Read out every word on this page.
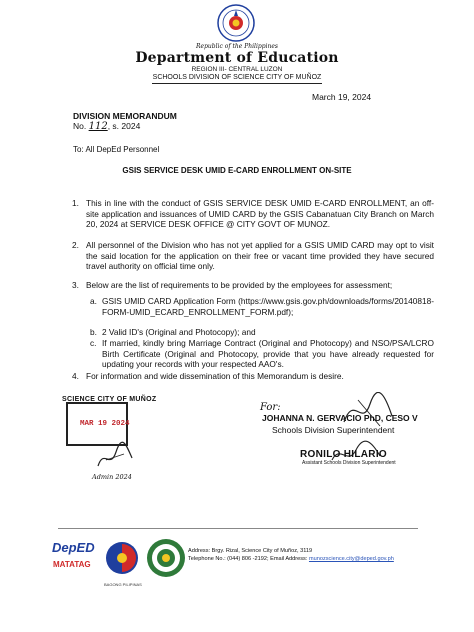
Republic of the Philippines
Department of Education
REGION III- CENTRAL LUZON
SCHOOLS DIVISION OF SCIENCE CITY OF MUÑOZ
March 19, 2024
DIVISION MEMORANDUM
No. 112, s. 2024
To: All DepEd Personnel
GSIS SERVICE DESK UMID E-CARD ENROLLMENT ON-SITE
1. This in line with the conduct of GSIS SERVICE DESK UMID E-CARD ENROLLMENT, an off-site application and issuances of UMID CARD by the GSIS Cabanatuan City Branch on March 20, 2024 at SERVICE DESK OFFICE @ CITY GOVT OF MUNOZ.
2. All personnel of the Division who has not yet applied for a GSIS UMID CARD may opt to visit the said location for the application on their free or vacant time provided they have secured travel authority on official time only.
3. Below are the list of requirements to be provided by the employees for assessment;
a. GSIS UMID CARD Application Form (https://www.gsis.gov.ph/downloads/forms/20140818-FORM-UMID_ECARD_ENROLLMENT_FORM.pdf);
b. 2 Valid ID's (Original and Photocopy); and
c. If married, kindly bring Marriage Contract (Original and Photocopy) and NSO/PSA/LCRO Birth Certificate (Original and Photocopy, provide that you have already requested for updating your records with your respected AAO's.
4. For information and wide dissemination of this Memorandum is desire.
SCIENCE CITY OF MUÑOZ
MAR 19 2024
Admin 2024
For:
JOHANNA N. GERVACIO PhD, CESO V
Schools Division Superintendent
RONILO HILARIO
Assistant Schools Division Superintendent
DepED
MATATAG
BAGONG PILIPINAS
Address: Brgy. Rizal, Science City of Muñoz, 3119
Telephone No.: (044) 806 -2192; Email Address: munozscience.city@deped.gov.ph
